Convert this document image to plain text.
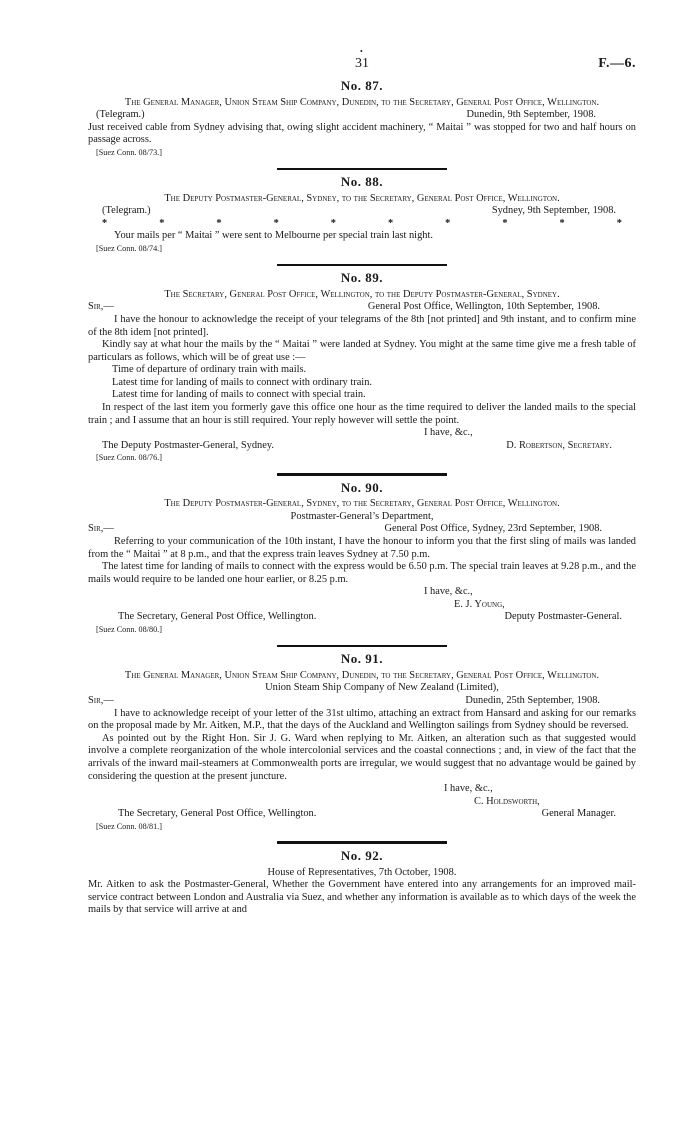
•
31	F.—6.
No. 87.

The General Manager, Union Steam Ship Company, Dunedin, to the Secretary, General Post Office, Wellington.

(Telegram.)	Dunedin, 9th September, 1908.

Just received cable from Sydney advising that, owing slight accident machinery, “ Maitai ” was stopped for two and half hours on passage across.

[Suez Conn. 08/73.]
No. 88.

The Deputy Postmaster-General, Sydney, to the Secretary, General Post Office, Wellington.

(Telegram.)	Sydney, 9th September, 1908.
*	*	*	*	*	*	*	*	*	*

Your mails per “ Maitai ” were sent to Melbourne per special train last night.

[Suez Conn. 08/74.]
No. 89.

The Secretary, General Post Office, Wellington, to the Deputy Postmaster-General, Sydney.

Sir,—	General Post Office, Wellington, 10th September, 1908.

I have the honour to acknowledge the receipt of your telegrams of the 8th [not printed] and 9th instant, and to confirm mine of the 8th idem [not printed].

Kindly say at what hour the mails by the “ Maitai ” were landed at Sydney. You might at the same time give me a fresh table of particulars as follows, which will be of great use :—

Time of departure of ordinary train with mails.
Latest time for landing of mails to connect with ordinary train.
Latest time for landing of mails to connect with special train.

In respect of the last item you formerly gave this office one hour as the time required to deliver the landed mails to the special train ; and I assume that an hour is still required. Your reply however will settle the point.

I have, &c.,
The Deputy Postmaster-General, Sydney.	D. Robertson, Secretary.
[Suez Conn. 08/76.]
No. 90.

The Deputy Postmaster-General, Sydney, to the Secretary, General Post Office, Wellington.

Postmaster-General’s Department,
Sir,—	General Post Office, Sydney, 23rd September, 1908.

Referring to your communication of the 10th instant, I have the honour to inform you that the first sling of mails was landed from the “ Maitai ” at 8 p.m., and that the express train leaves Sydney at 7.50 p.m.

The latest time for landing of mails to connect with the express would be 6.50 p.m. The special train leaves at 9.28 p.m., and the mails would require to be landed one hour earlier, or 8.25 p.m.

I have, &c.,
E. J. Young,
The Secretary, General Post Office, Wellington.	Deputy Postmaster-General.
[Suez Conn. 08/80.]
No. 91.

The General Manager, Union Steam Ship Company, Dunedin, to the Secretary, General Post Office, Wellington.

Union Steam Ship Company of New Zealand (Limited),
Sir,—	Dunedin, 25th September, 1908.

I have to acknowledge receipt of your letter of the 31st ultimo, attaching an extract from Hansard and asking for our remarks on the proposal made by Mr. Aitken, M.P., that the days of the Auckland and Wellington sailings from Sydney should be reversed.

As pointed out by the Right Hon. Sir J. G. Ward when replying to Mr. Aitken, an alteration such as that suggested would involve a complete reorganization of the whole intercolonial services and the coastal connections ; and, in view of the fact that the arrivals of the inward mail-steamers at Commonwealth ports are irregular, we would suggest that no advantage would be gained by considering the question at the present juncture.

I have, &c.,
C. Holdsworth,
The Secretary, General Post Office, Wellington.	General Manager.
[Suez Conn. 08/81.]
No. 92.
House of Representatives, 7th October, 1908.

Mr. Aitken to ask the Postmaster-General, Whether the Government have entered into any arrangements for an improved mail-service contract between London and Australia via Suez, and whether any information is available as to which days of the week the mails by that service will arrive at and
